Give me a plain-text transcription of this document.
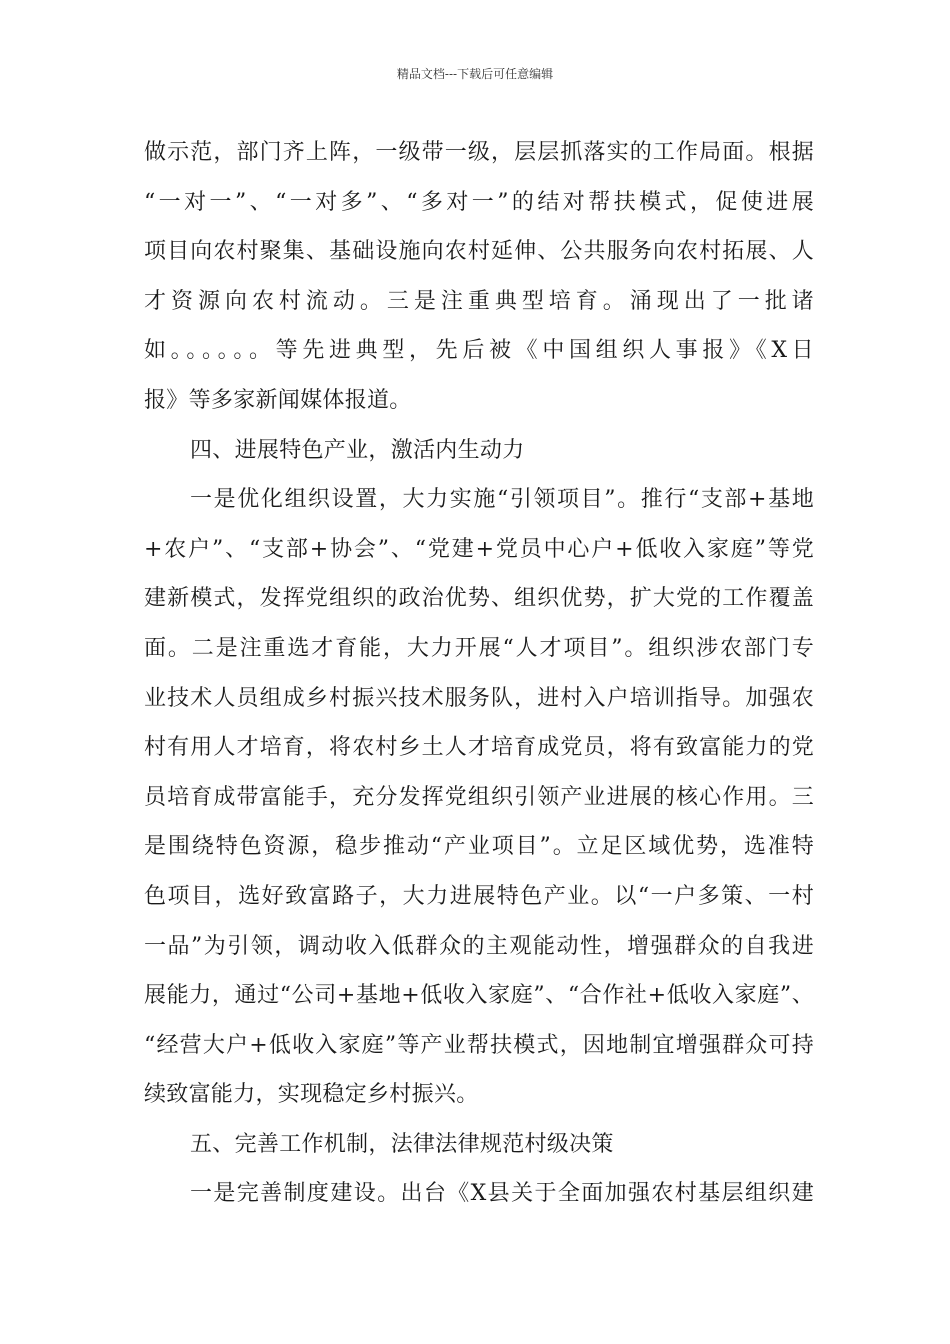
精品文档---下载后可任意编辑
做示范，部门齐上阵，一级带一级，层层抓落实的工作局面。根据
“一对一”、“一对多”、“多对一”的结对帮扶模式，促使进展
项目向农村聚集、基础设施向农村延伸、公共服务向农村拓展、人
才资源向农村流动。三是注重典型培育。涌现出了一批诸
如。。。。。。等先进典型，先后被《中国组织人事报》《X日
报》等多家新闻媒体报道。
四、进展特色产业，激活内生动力
一是优化组织设置，大力实施“引领项目”。推行“支部+基地
+农户”、“支部+协会”、“党建+党员中心户+低收入家庭”等党
建新模式，发挥党组织的政治优势、组织优势，扩大党的工作覆盖
面。二是注重选才育能，大力开展“人才项目”。组织涉农部门专
业技术人员组成乡村振兴技术服务队，进村入户培训指导。加强农
村有用人才培育，将农村乡土人才培育成党员，将有致富能力的党
员培育成带富能手，充分发挥党组织引领产业进展的核心作用。三
是围绕特色资源，稳步推动“产业项目”。立足区域优势，选准特
色项目，选好致富路子，大力进展特色产业。以“一户多策、一村
一品”为引领，调动收入低群众的主观能动性，增强群众的自我进
展能力，通过“公司+基地+低收入家庭”、“合作社+低收入家庭”、
“经营大户+低收入家庭”等产业帮扶模式，因地制宜增强群众可持
续致富能力，实现稳定乡村振兴。
五、完善工作机制，法律法律规范村级决策
一是完善制度建设。出台《X县关于全面加强农村基层组织建
